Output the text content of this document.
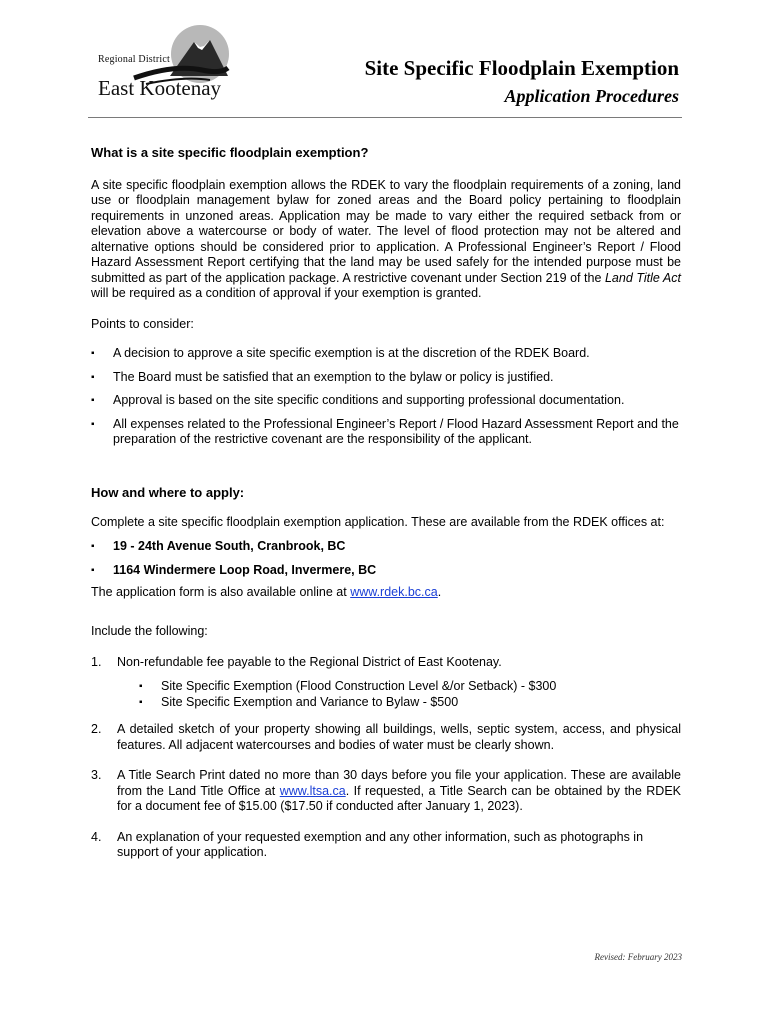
Regional District
East Kootenay
Site Specific Floodplain Exemption
Application Procedures

What is a site specific floodplain exemption?

A site specific floodplain exemption allows the RDEK to vary the floodplain requirements of a zoning, land use or floodplain management bylaw for zoned areas and the Board policy pertaining to floodplain requirements in unzoned areas. Application may be made to vary either the required setback from or elevation above a watercourse or body of water. The level of flood protection may not be altered and alternative options should be considered prior to application. A Professional Engineer’s Report / Flood Hazard Assessment Report certifying that the land may be used safely for the intended purpose must be submitted as part of the application package. A restrictive covenant under Section 219 of the Land Title Act will be required as a condition of approval if your exemption is granted.

Points to consider:

▪ A decision to approve a site specific exemption is at the discretion of the RDEK Board.
▪ The Board must be satisfied that an exemption to the bylaw or policy is justified.
▪ Approval is based on the site specific conditions and supporting professional documentation.
▪ All expenses related to the Professional Engineer’s Report / Flood Hazard Assessment Report and the preparation of the restrictive covenant are the responsibility of the applicant.

How and where to apply:

Complete a site specific floodplain exemption application. These are available from the RDEK offices at:

▪ 19 - 24th Avenue South, Cranbrook, BC
▪ 1164 Windermere Loop Road, Invermere, BC

The application form is also available online at www.rdek.bc.ca.

Include the following:

1. Non-refundable fee payable to the Regional District of East Kootenay.
▪ Site Specific Exemption (Flood Construction Level &/or Setback) - $300
▪ Site Specific Exemption and Variance to Bylaw - $500
2. A detailed sketch of your property showing all buildings, wells, septic system, access, and physical features. All adjacent watercourses and bodies of water must be clearly shown.
3. A Title Search Print dated no more than 30 days before you file your application. These are available from the Land Title Office at www.ltsa.ca. If requested, a Title Search can be obtained by the RDEK for a document fee of $15.00 ($17.50 if conducted after January 1, 2023).
4. An explanation of your requested exemption and any other information, such as photographs in support of your application.
Revised: February 2023
